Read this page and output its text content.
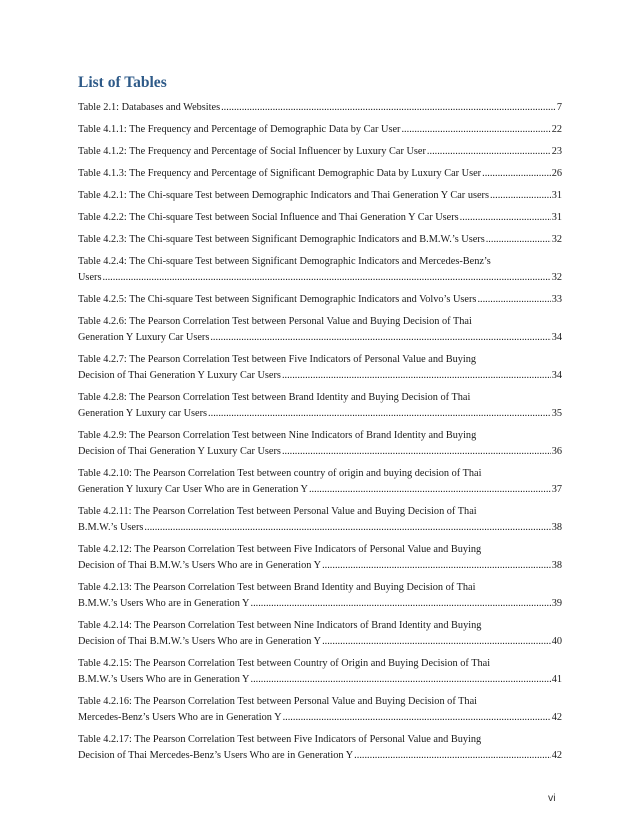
List of Tables
Table 2.1: Databases and Websites .....	7
Table 4.1.1: The Frequency and Percentage of Demographic Data by Car User .....	22
Table 4.1.2: The Frequency and Percentage of Social Influencer by Luxury Car User .....	23
Table 4.1.3: The Frequency and Percentage of Significant Demographic Data by Luxury Car User .....	26
Table 4.2.1: The Chi-square Test between Demographic Indicators and Thai Generation Y Car users .....	31
Table 4.2.2: The Chi-square Test between Social Influence and Thai Generation Y Car Users .....	31
Table 4.2.3: The Chi-square Test between Significant Demographic Indicators and B.M.W.’s Users .....	32
Table 4.2.4: The Chi-square Test between Significant Demographic Indicators and Mercedes-Benz’s
Users .....	32
Table 4.2.5: The Chi-square Test between Significant Demographic Indicators and Volvo’s Users .....	33
Table 4.2.6: The Pearson Correlation Test between Personal Value and Buying Decision of Thai
Generation Y Luxury Car Users .....	34
Table 4.2.7: The Pearson Correlation Test between Five Indicators of Personal Value and Buying
Decision of Thai Generation Y Luxury Car Users .....	34
Table 4.2.8: The Pearson Correlation Test between Brand Identity and Buying Decision of Thai
Generation Y Luxury car Users .....	35
Table 4.2.9: The Pearson Correlation Test between Nine Indicators of Brand Identity and Buying
Decision of Thai Generation Y Luxury Car Users .....	36
Table 4.2.10: The Pearson Correlation Test between country of origin and buying decision of Thai
Generation Y luxury Car User Who are in Generation Y .....	37
Table 4.2.11: The Pearson Correlation Test between Personal Value and Buying Decision of Thai
B.M.W.’s Users .....	38
Table 4.2.12: The Pearson Correlation Test between Five Indicators of Personal Value and Buying
Decision of Thai B.M.W.’s Users Who are in Generation Y .....	38
Table 4.2.13: The Pearson Correlation Test between Brand Identity and Buying Decision of Thai
B.M.W.’s Users Who are in Generation Y .....	39
Table 4.2.14: The Pearson Correlation Test between Nine Indicators of Brand Identity and Buying
Decision of Thai B.M.W.’s Users Who are in Generation Y .....	40
Table 4.2.15: The Pearson Correlation Test between Country of Origin and Buying Decision of Thai
B.M.W.’s Users Who are in Generation Y .....	41
Table 4.2.16: The Pearson Correlation Test between Personal Value and Buying Decision of Thai
Mercedes-Benz’s Users Who are in Generation Y .....	42
Table 4.2.17: The Pearson Correlation Test between Five Indicators of Personal Value and Buying
Decision of Thai Mercedes-Benz’s Users Who are in Generation Y .....	42
vi
